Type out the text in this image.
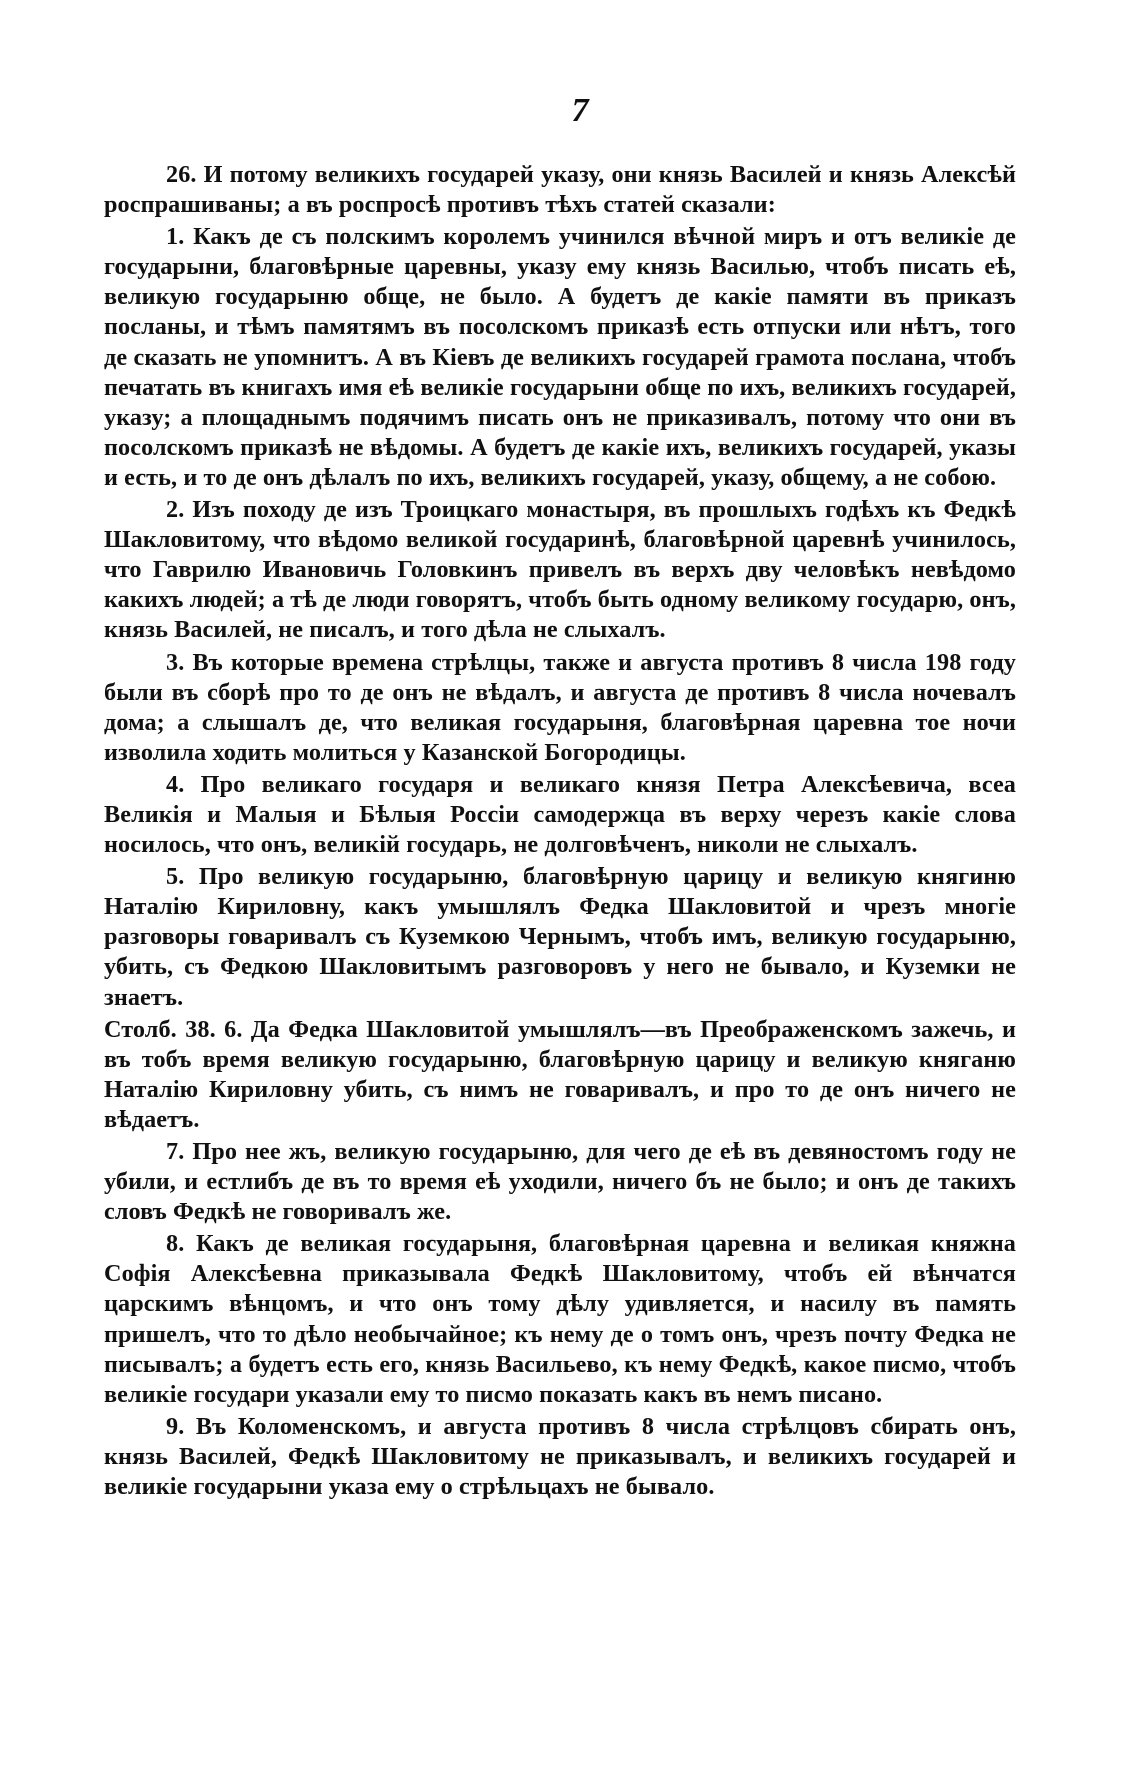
7

26. И потому великихъ государей указу, они князь Василей и князь Алексѣй роспрашиваны; а въ роспросѣ противъ тѣхъ статей сказали:

1. Какъ де съ полскимъ королемъ учинился вѣчной миръ и отъ великіе де государыни, благовѣрные царевны, указу ему князь Василью, чтобъ писать еѣ, великую государыню обще, не было. А будетъ де какіе памяти въ приказъ посланы, и тѣмъ памятямъ въ посолскомъ приказѣ есть отпуски или нѣтъ, того де сказать не упомнитъ. А въ Кіевъ де великихъ государей грамота послана, чтобъ печатать въ книгахъ имя еѣ великіе государыни обще по ихъ, великихъ государей, указу; а площаднымъ подячимъ писать онъ не приказивалъ, потому что они въ посолскомъ приказѣ не вѣдомы. А будетъ де какіе ихъ, великихъ государей, указы и есть, и то де онъ дѣлалъ по ихъ, великихъ государей, указу, общему, а не собою.

2. Изъ походу де изъ Троицкаго монастыря, въ прошлыхъ годѣхъ къ Федкѣ Шакловитому, что вѣдомо великой государинѣ, благовѣрной царевнѣ учинилось, что Гаврилю Ивановичь Головкинъ привелъ въ верхъ дву человѣкъ невѣдомо какихъ людей; а тѣ де люди говорятъ, чтобъ быть одному великому государю, онъ, князь Василей, не писалъ, и того дѣла не слыхалъ.

3. Въ которые времена стрѣлцы, также и августа противъ 8 числа 198 году были въ сборѣ про то де онъ не вѣдалъ, и августа де противъ 8 числа ночевалъ дома; а слышалъ де, что великая государыня, благовѣрная царевна тое ночи изволила ходить молиться у Казанской Богородицы.

4. Про великаго государя и великаго князя Петра Алексѣевича, всеа Великія и Малыя и Бѣлыя Россіи самодержца въ верху черезъ какіе слова носилось, что онъ, великій государь, не долговѣченъ, николи не слыхалъ.

5. Про великую государыню, благовѣрную царицу и великую княгиню Наталію Кириловну, какъ умышлялъ Федка Шакловитой и чрезъ многіе разговоры говаривалъ съ Куземкою Чернымъ, чтобъ имъ, великую государыню, убить, съ Федкою Шакловитымъ разговоровъ у него не бывало, и Куземки не знаетъ.

Столб. 38. 6. Да Федка Шакловитой умышлялъ—въ Преображенскомъ зажечь, и въ тобъ время великую государыню, благовѣрную царицу и великую княганю Наталію Кириловну убить, съ нимъ не говаривалъ, и про то де онъ ничего не вѣдаетъ.

7. Про нее жъ, великую государыню, для чего де еѣ въ девяностомъ году не убили, и естлибъ де въ то время еѣ уходили, ничего бъ не было; и онъ де такихъ словъ Федкѣ не говоривалъ же.

8. Какъ де великая государыня, благовѣрная царевна и великая княжна Софія Алексѣевна приказывала Федкѣ Шакловитому, чтобъ ей вѣнчатся царскимъ вѣнцомъ, и что онъ тому дѣлу удивляется, и насилу въ память пришелъ, что то дѣло необычайное; къ нему де о томъ онъ, чрезъ почту Федка не писывалъ; а будетъ есть его, князь Васильево, къ нему Федкѣ, какое писмо, чтобъ великіе государи указали ему то писмо показать какъ въ немъ писано.

9. Въ Коломенскомъ, и августа противъ 8 числа стрѣлцовъ сбирать онъ, князь Василей, Федкѣ Шакловитому не приказывалъ, и великихъ государей и великіе государыни указа ему о стрѣльцахъ не бывало.
